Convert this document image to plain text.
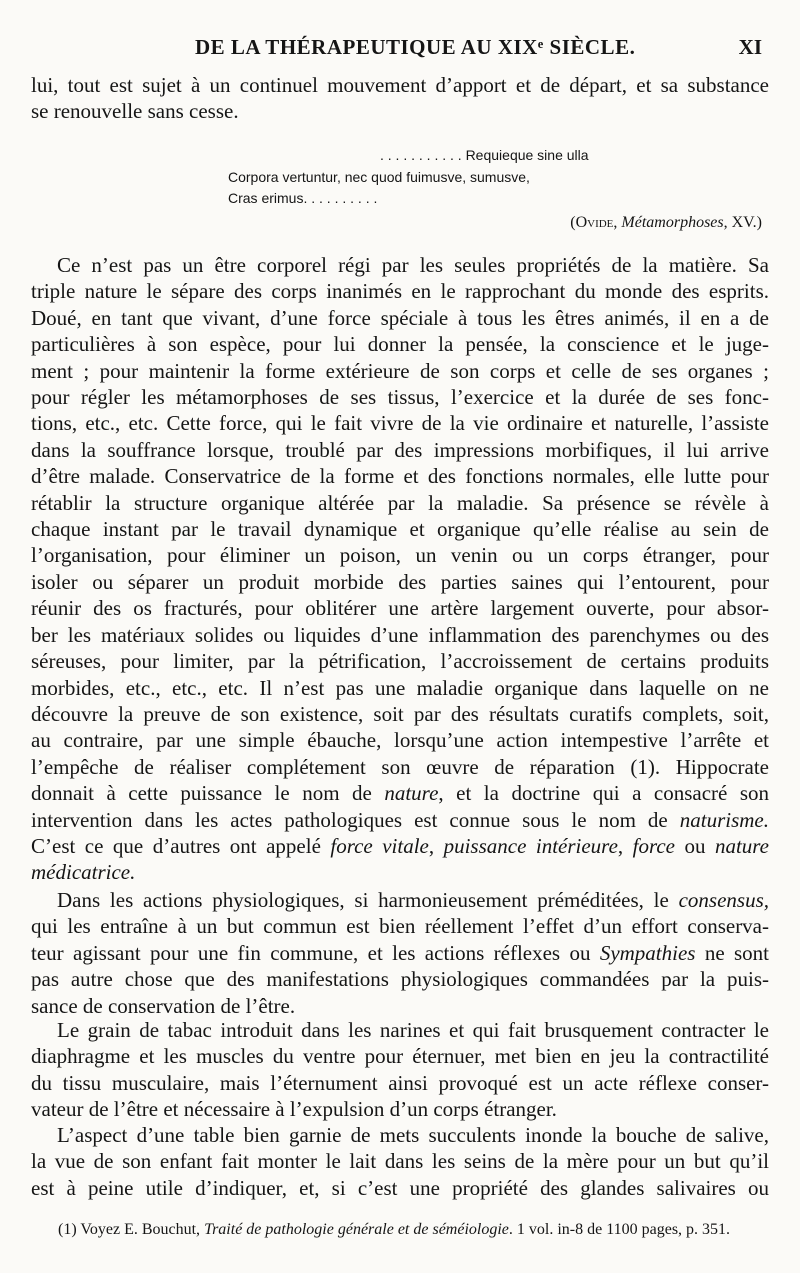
DE LA THÉRAPEUTIQUE AU XIXᵉ SIÈCLE.	XI
lui, tout est sujet à un continuel mouvement d’apport et de départ, et sa substance
se renouvelle sans cesse.
. . . . . . . . . . . Requieque sine ulla
Corpora vertuntur, nec quod fuimusve, sumusve,
Cras erimus. . . . . . . . . .
(Ovide, Métamorphoses, XV.)
Ce n’est pas un être corporel régi par les seules propriétés de la matière. Sa
triple nature le sépare des corps inanimés en le rapprochant du monde des esprits.
Doué, en tant que vivant, d’une force spéciale à tous les êtres animés, il en a de
particulières à son espèce, pour lui donner la pensée, la conscience et le juge-
ment ; pour maintenir la forme extérieure de son corps et celle de ses organes ;
pour régler les métamorphoses de ses tissus, l’exercice et la durée de ses fonc-
tions, etc., etc. Cette force, qui le fait vivre de la vie ordinaire et naturelle, l’assiste
dans la souffrance lorsque, troublé par des impressions morbifiques, il lui arrive
d’être malade. Conservatrice de la forme et des fonctions normales, elle lutte pour
rétablir la structure organique altérée par la maladie. Sa présence se révèle à
chaque instant par le travail dynamique et organique qu’elle réalise au sein de
l’organisation, pour éliminer un poison, un venin ou un corps étranger, pour
isoler ou séparer un produit morbide des parties saines qui l’entourent, pour
réunir des os fracturés, pour oblitérer une artère largement ouverte, pour absor-
ber les matériaux solides ou liquides d’une inflammation des parenchymes ou des
séreuses, pour limiter, par la pétrification, l’accroissement de certains produits
morbides, etc., etc., etc. Il n’est pas une maladie organique dans laquelle on ne
découvre la preuve de son existence, soit par des résultats curatifs complets, soit,
au contraire, par une simple ébauche, lorsqu’une action intempestive l’arrête et
l’empêche de réaliser complétement son œuvre de réparation (1). Hippocrate
donnait à cette puissance le nom de nature, et la doctrine qui a consacré son
intervention dans les actes pathologiques est connue sous le nom de naturisme.
C’est ce que d’autres ont appelé force vitale, puissance intérieure, force ou nature
médicatrice.
Dans les actions physiologiques, si harmonieusement préméditées, le consensus,
qui les entraîne à un but commun est bien réellement l’effet d’un effort conserva-
teur agissant pour une fin commune, et les actions réflexes ou Sympathies ne sont
pas autre chose que des manifestations physiologiques commandées par la puis-
sance de conservation de l’être.
Le grain de tabac introduit dans les narines et qui fait brusquement contracter le
diaphragme et les muscles du ventre pour éternuer, met bien en jeu la contractilité
du tissu musculaire, mais l’éternument ainsi provoqué est un acte réflexe conser-
vateur de l’être et nécessaire à l’expulsion d’un corps étranger.
L’aspect d’une table bien garnie de mets succulents inonde la bouche de salive,
la vue de son enfant fait monter le lait dans les seins de la mère pour un but qu’il
est à peine utile d’indiquer, et, si c’est une propriété des glandes salivaires ou
(1) Voyez E. Bouchut, Traité de pathologie générale et de séméiologie. 1 vol. in-8 de 1100 pages, p. 351.
